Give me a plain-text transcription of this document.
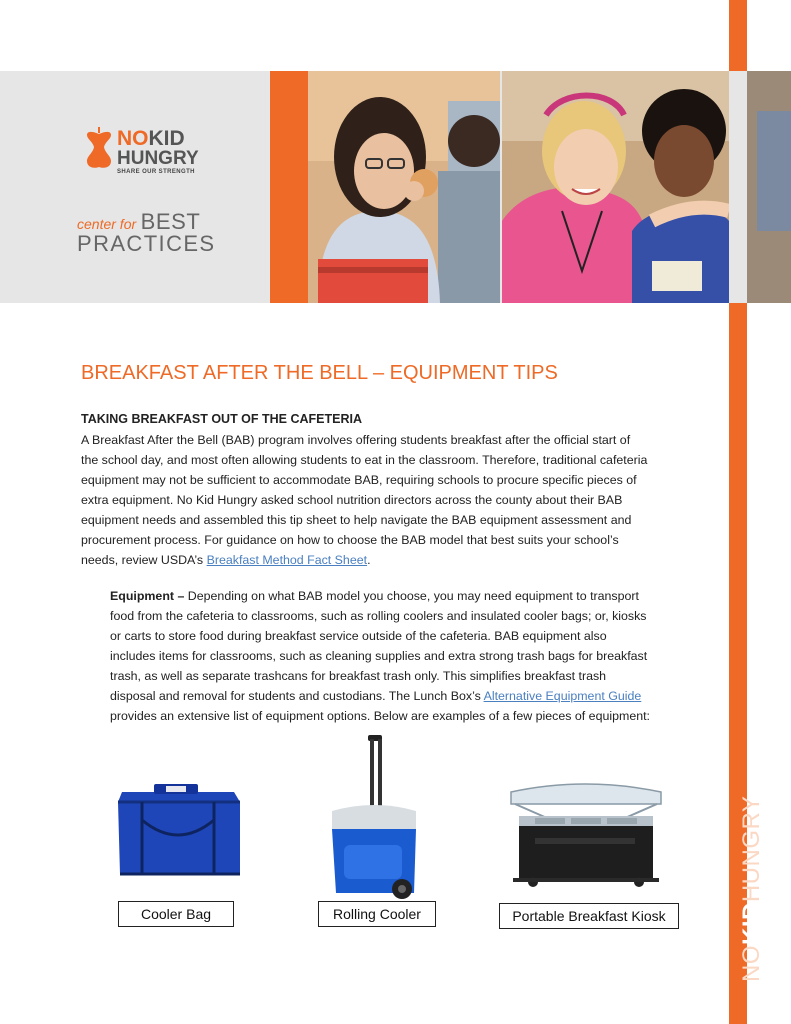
NOKIDHUNGRY
NOKID
HUNGRY
SHARE OUR STRENGTH
center for BEST
PRACTICES
BREAKFAST AFTER THE BELL – EQUIPMENT TIPS
TAKING BREAKFAST OUT OF THE CAFETERIA
A Breakfast After the Bell (BAB) program involves offering students breakfast after the official start of
the school day, and most often allowing students to eat in the classroom. Therefore, traditional cafeteria
equipment may not be sufficient to accommodate BAB, requiring schools to procure specific pieces of
extra equipment. No Kid Hungry asked school nutrition directors across the county about their BAB
equipment needs and assembled this tip sheet to help navigate the BAB equipment assessment and
procurement process. For guidance on how to choose the BAB model that best suits your school’s
needs, review USDA’s Breakfast Method Fact Sheet.
Equipment – Depending on what BAB model you choose, you may need equipment to transport
food from the cafeteria to classrooms, such as rolling coolers and insulated cooler bags; or, kiosks
or carts to store food during breakfast service outside of the cafeteria. BAB equipment also
includes items for classrooms, such as cleaning supplies and extra strong trash bags for breakfast
trash, as well as separate trashcans for breakfast trash only. This simplifies breakfast trash
disposal and removal for students and custodians. The Lunch Box’s Alternative Equipment Guide
provides an extensive list of equipment options. Below are examples of a few pieces of equipment:
Cooler Bag	Rolling Cooler	Portable Breakfast Kiosk
